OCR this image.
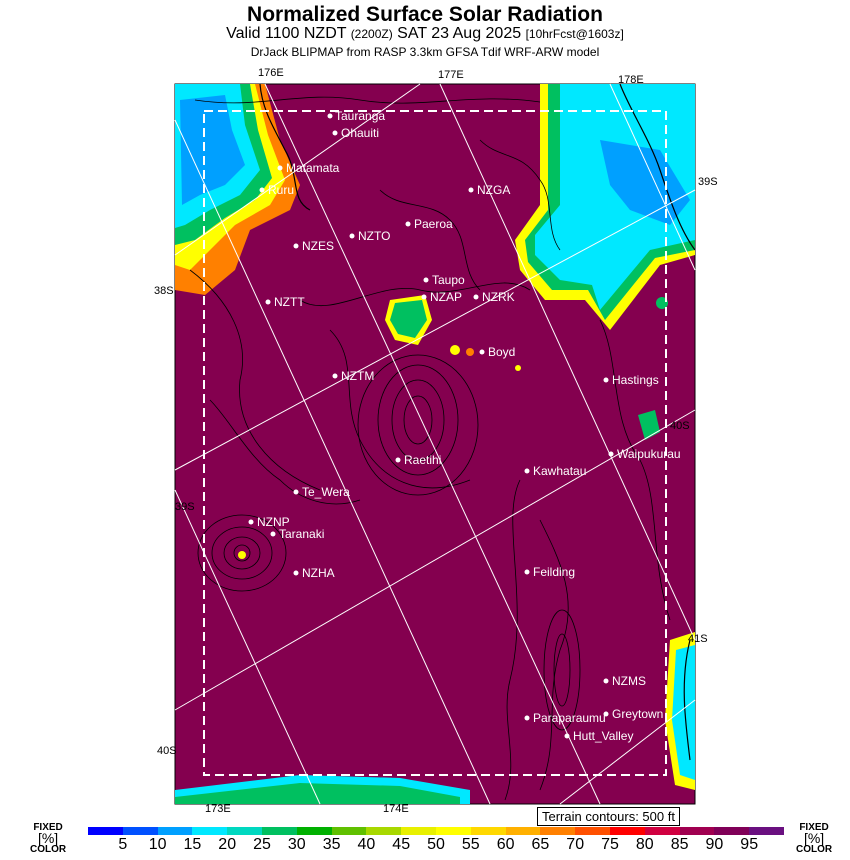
Normalized Surface Solar Radiation
Valid 1100 NZDT (2200Z) SAT 23 Aug 2025 [10hrFcst@1603z]
DrJack BLIPMAP from RASP 3.3km GFSA Tdif WRF-ARW model
176E	177E	178E
173E	174E
38S
39S
40S
39S
40S
41S
Tauranga
Ohauiti
Matamata
Ruru	NZGA
Paeroa
NZTO
NZES
Taupo
NZAP NZRK
NZTT
Boyd
NZTM	Hastings
Raetihi	Waipukurau
Kawhatau
Te_Wera
NZNP
Taranaki
NZHA	Feilding
NZMS
Greytown
Paraparaumu
Hutt_Valley
Terrain contours: 500 ft
FIXED
[%]
COLOR
FIXED
[%]
COLOR
5 10 15 20 25 30 35 40 45 50 55 60 65 70 75 80 85 90 95
